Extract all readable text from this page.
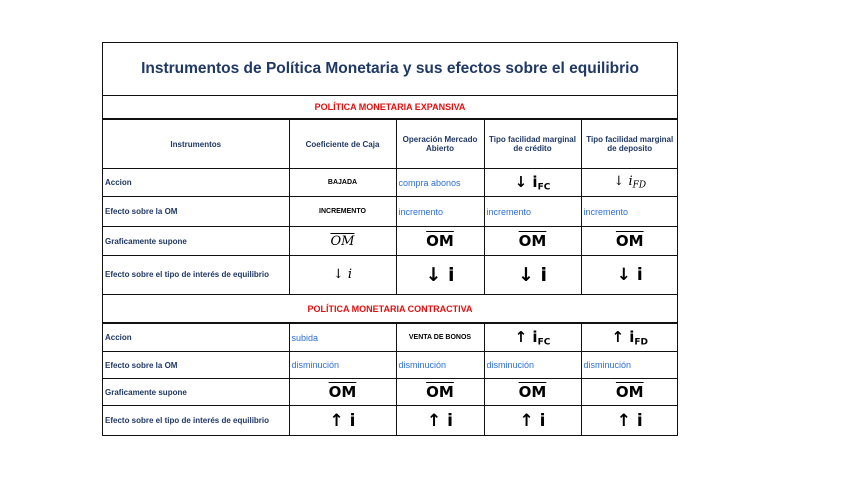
Instrumentos de Política Monetaria y sus efectos sobre el equilibrio
POLÍTICA MONETARIA EXPANSIVA
Instrumentos	Coeficiente de Caja	Operación Mercado Abierto	Tipo facilidad marginal de crédito	Tipo facilidad marginal de deposito
Accion	BAJADA	compra abonos	↓ $i_{FC}$	↓ $i_{FD}$
Efecto sobre la OM	INCREMENTO	incremento	incremento	incremento
Graficamente supone	$\overline{OM}$	$\overline{OM}$	$\overline{OM}$	$\overline{OM}$
Efecto sobre el tipo de interés de equilibrio	↓ i	↓ i	↓ i	↓ i
POLÍTICA MONETARIA CONTRACTIVA
Accion	subida	VENTA DE BONOS	↑ $i_{FC}$	↑ $i_{FD}$
Efecto sobre la OM	disminución	disminución	disminución	disminución
Graficamente supone	$\overline{OM}$	$\overline{OM}$	$\overline{OM}$	$\overline{OM}$
Efecto sobre el tipo de interés de equilibrio	↑ i	↑ i	↑ i	↑ i
